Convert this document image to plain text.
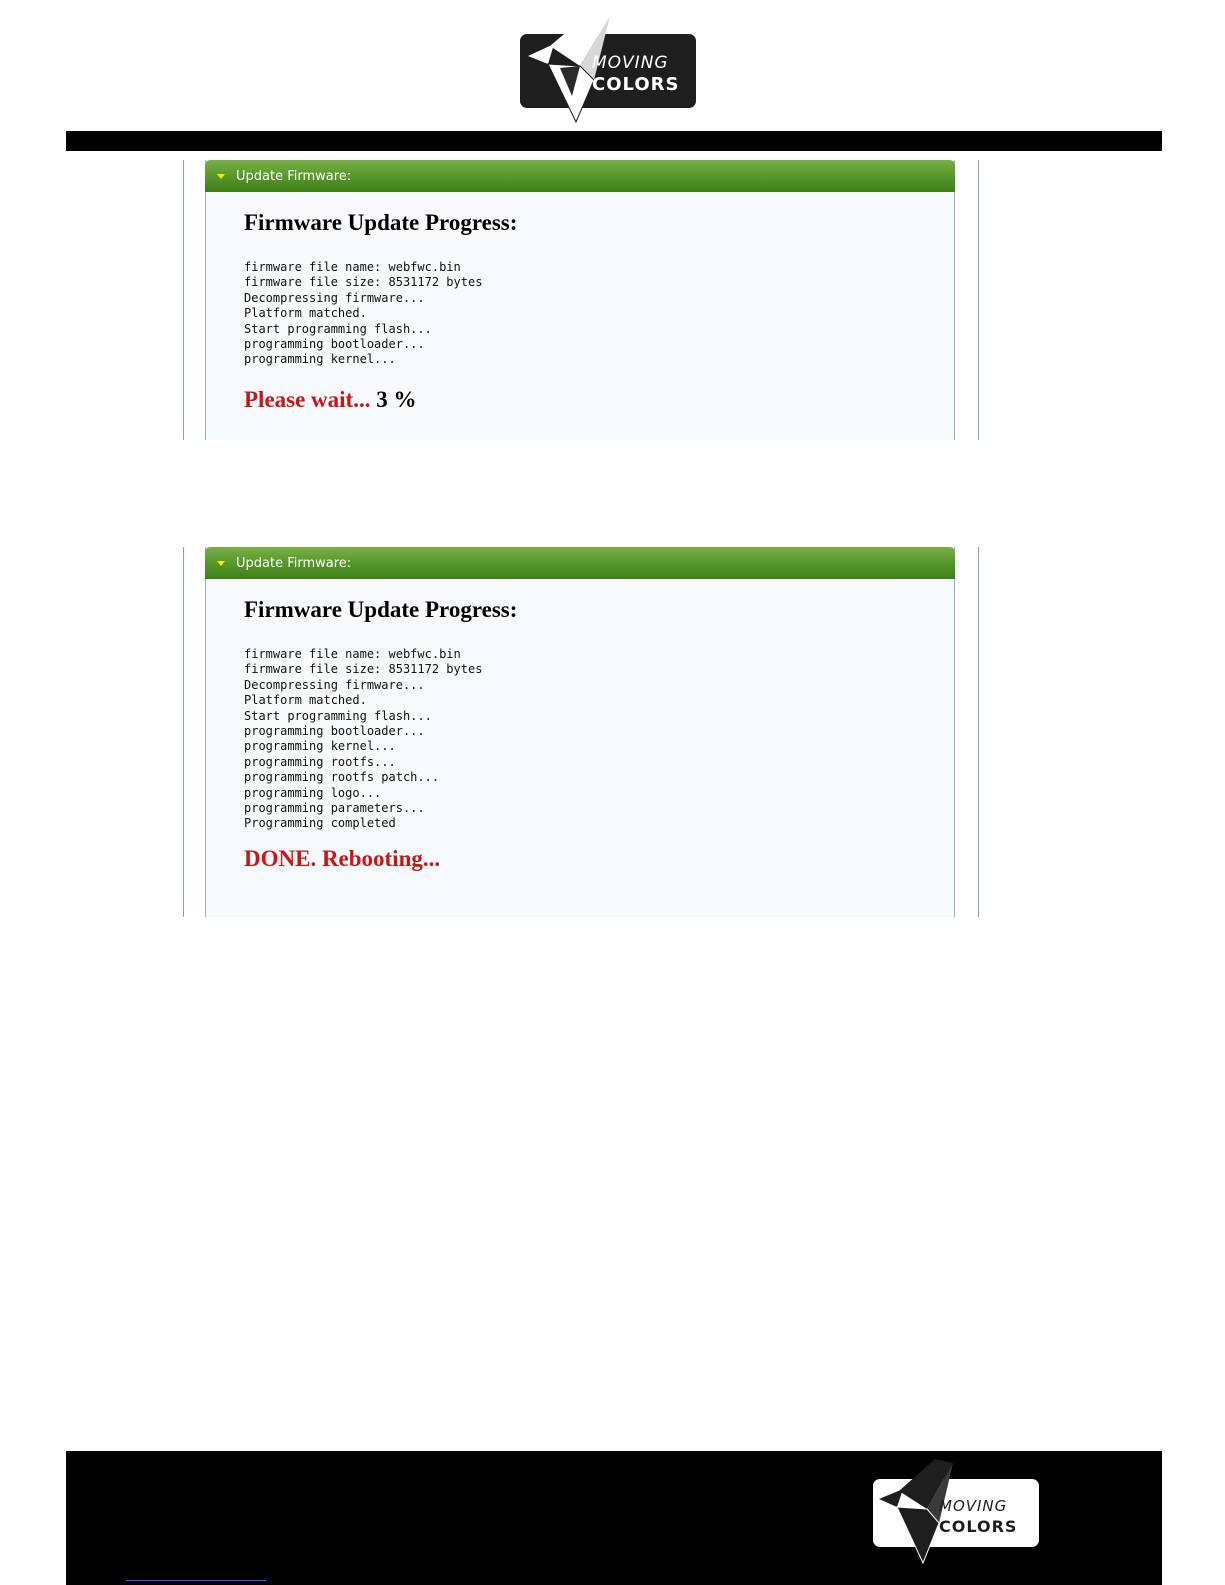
MOVING
COLORS
Update Firmware:
Firmware Update Progress:
firmware file name: webfwc.bin
firmware file size: 8531172 bytes
Decompressing firmware...
Platform matched.
Start programming flash...
programming bootloader...
programming kernel...
Please wait... 3 %
Update Firmware:
Firmware Update Progress:
firmware file name: webfwc.bin
firmware file size: 8531172 bytes
Decompressing firmware...
Platform matched.
Start programming flash...
programming bootloader...
programming kernel...
programming rootfs...
programming rootfs patch...
programming logo...
programming parameters...
Programming completed
DONE. Rebooting...
MOVING
COLORS
